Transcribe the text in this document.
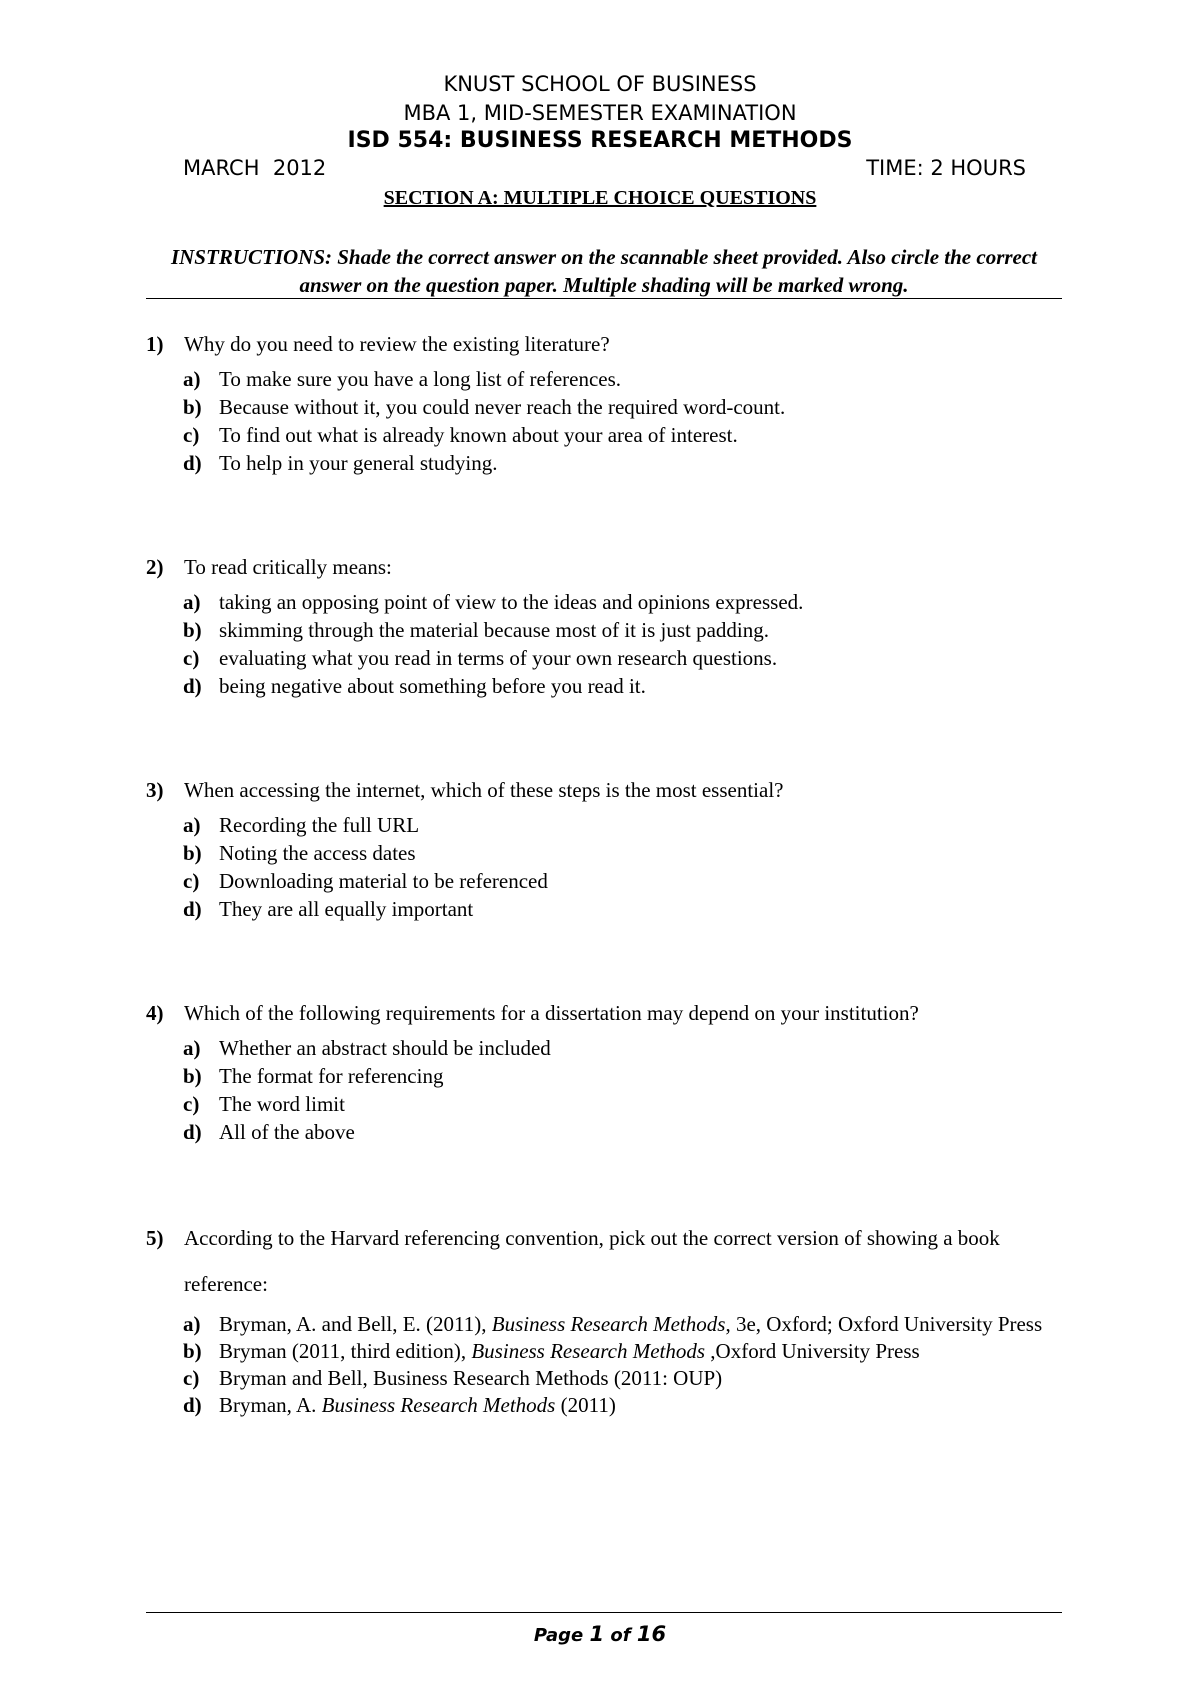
KNUST SCHOOL OF BUSINESS
MBA 1, MID-SEMESTER EXAMINATION
ISD 554: BUSINESS RESEARCH METHODS
MARCH  2012	TIME: 2 HOURS
SECTION A: MULTIPLE CHOICE QUESTIONS
INSTRUCTIONS: Shade the correct answer on the scannable sheet provided. Also circle the correct answer on the question paper. Multiple shading will be marked wrong.
1) Why do you need to review the existing literature?
a) To make sure you have a long list of references.
b) Because without it, you could never reach the required word-count.
c) To find out what is already known about your area of interest.
d) To help in your general studying.
2) To read critically means:
a) taking an opposing point of view to the ideas and opinions expressed.
b) skimming through the material because most of it is just padding.
c) evaluating what you read in terms of your own research questions.
d) being negative about something before you read it.
3) When accessing the internet, which of these steps is the most essential?
a) Recording the full URL
b) Noting the access dates
c) Downloading material to be referenced
d) They are all equally important
4) Which of the following requirements for a dissertation may depend on your institution?
a) Whether an abstract should be included
b) The format for referencing
c) The word limit
d) All of the above
5) According to the Harvard referencing convention, pick out the correct version of showing a book reference:
a) Bryman, A. and Bell, E. (2011), Business Research Methods, 3e, Oxford; Oxford University Press
b) Bryman (2011, third edition), Business Research Methods ,Oxford University Press
c) Bryman and Bell, Business Research Methods (2011: OUP)
d) Bryman, A. Business Research Methods (2011)
Page 1 of 16
